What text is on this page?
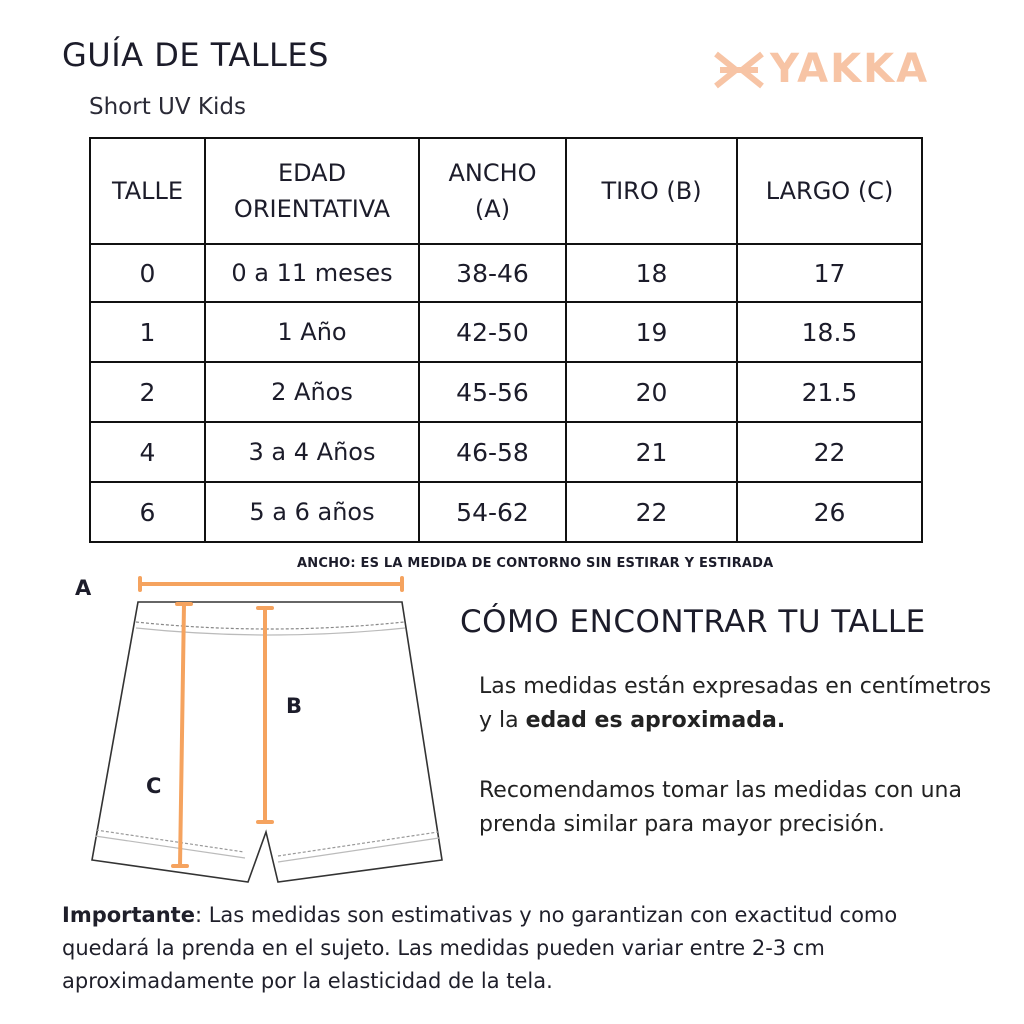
GUÍA DE TALLES
Short UV Kids
YAKKA
TALLE	EDAD ORIENTATIVA	ANCHO (A)	TIRO (B)	LARGO (C)
0	0 a 11 meses	38-46	18	17
1	1 Año	42-50	19	18.5
2	2 Años	45-56	20	21.5
4	3 a 4 Años	46-58	21	22
6	5 a 6 años	54-62	22	26
ANCHO: ES LA MEDIDA DE CONTORNO SIN ESTIRAR Y ESTIRADA
A
B
C
CÓMO ENCONTRAR TU TALLE
Las medidas están expresadas en centímetros y la edad es aproximada.
Recomendamos tomar las medidas con una prenda similar para mayor precisión.
Importante: Las medidas son estimativas y no garantizan con exactitud como quedará la prenda en el sujeto. Las medidas pueden variar entre 2-3 cm aproximadamente por la elasticidad de la tela.
